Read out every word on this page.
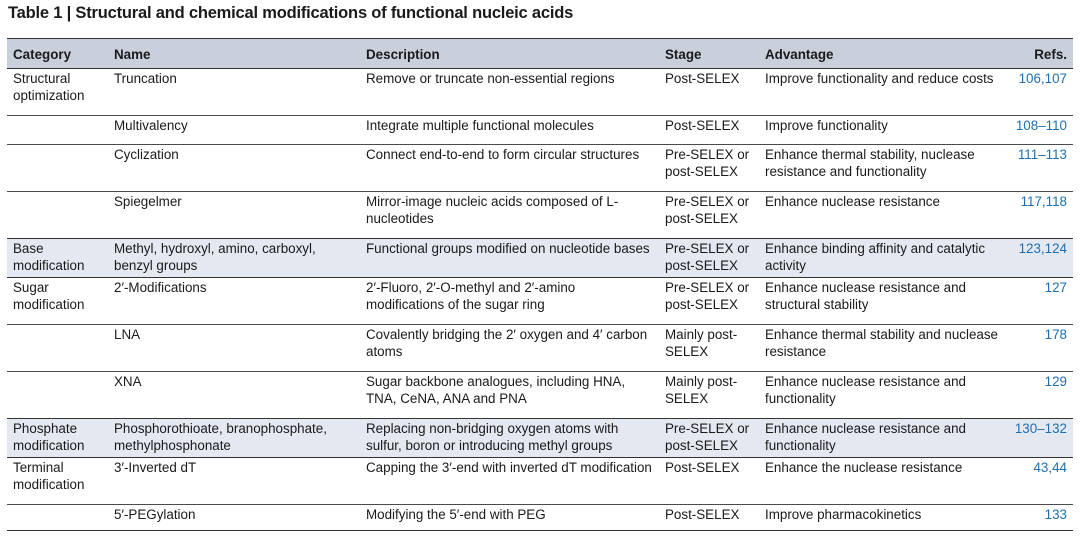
Table 1 | Structural and chemical modifications of functional nucleic acids
Category	Name	Description	Stage	Advantage	Refs.
Structural optimization	Truncation	Remove or truncate non-essential regions	Post-SELEX	Improve functionality and reduce costs	106,107
	Multivalency	Integrate multiple functional molecules	Post-SELEX	Improve functionality	108–110
	Cyclization	Connect end-to-end to form circular structures	Pre-SELEX or post-SELEX	Enhance thermal stability, nuclease resistance and functionality	111–113
	Spiegelmer	Mirror-image nucleic acids composed of L-nucleotides	Pre-SELEX or post-SELEX	Enhance nuclease resistance	117,118
Base modification	Methyl, hydroxyl, amino, carboxyl, benzyl groups	Functional groups modified on nucleotide bases	Pre-SELEX or post-SELEX	Enhance binding affinity and catalytic activity	123,124
Sugar modification	2′-Modifications	2′-Fluoro, 2′-O-methyl and 2′-amino modifications of the sugar ring	Pre-SELEX or post-SELEX	Enhance nuclease resistance and structural stability	127
	LNA	Covalently bridging the 2′ oxygen and 4′ carbon atoms	Mainly post-SELEX	Enhance thermal stability and nuclease resistance	178
	XNA	Sugar backbone analogues, including HNA, TNA, CeNA, ANA and PNA	Mainly post-SELEX	Enhance nuclease resistance and functionality	129
Phosphate modification	Phosphorothioate, branophosphate, methylphosphonate	Replacing non-bridging oxygen atoms with sulfur, boron or introducing methyl groups	Pre-SELEX or post-SELEX	Enhance nuclease resistance and functionality	130–132
Terminal modification	3′-Inverted dT	Capping the 3′-end with inverted dT modification	Post-SELEX	Enhance the nuclease resistance	43,44
	5′-PEGylation	Modifying the 5′-end with PEG	Post-SELEX	Improve pharmacokinetics	133
